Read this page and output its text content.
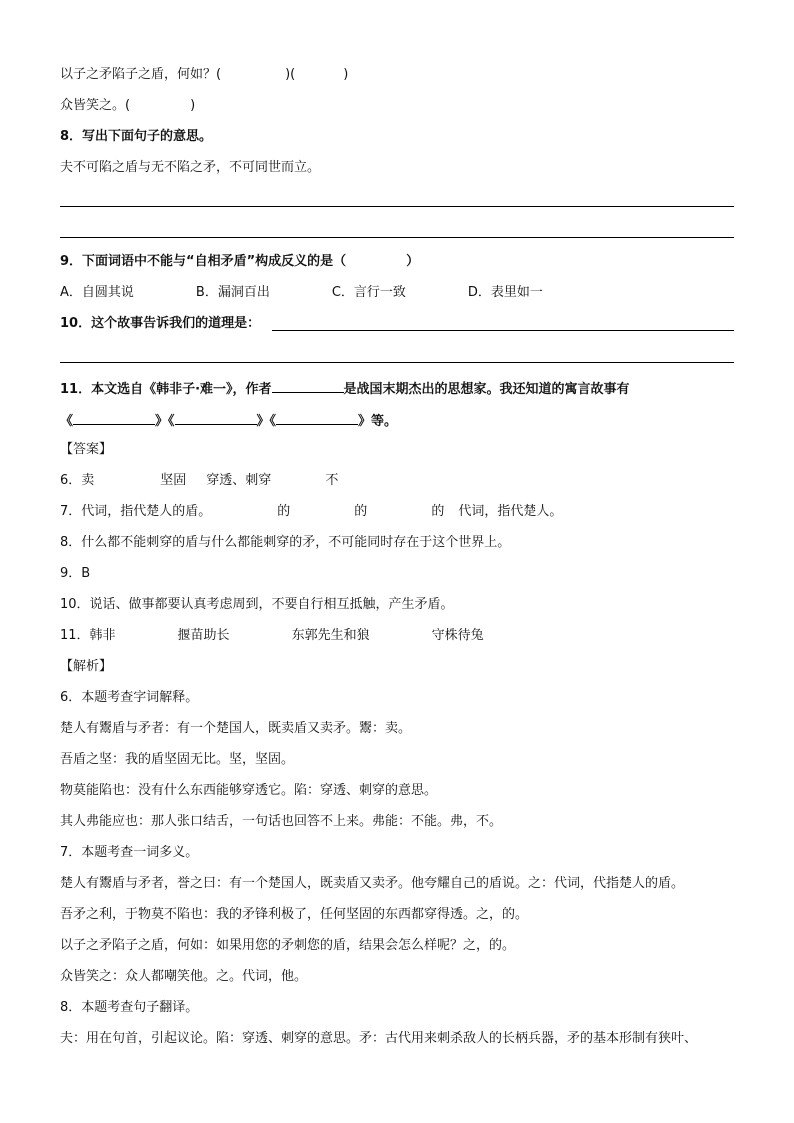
以子之矛陷子之盾，何如？(	)(	)
众皆笑之。(	)
8．写出下面句子的意思。
夫不可陷之盾与无不陷之矛，不可同世而立。
9．下面词语中不能与“自相矛盾”构成反义的是（	）
A．自圆其说	B．漏洞百出	C．言行一致	D．表里如一
10．这个故事告诉我们的道理是：
11．本文选自《韩非子·难一》，作者	是战国末期杰出的思想家。我还知道的寓言故事有
《	》《	》《	》等。
【答案】
6．卖	坚固 穿透、刺穿	不
7．代词，指代楚人的盾。	的	的	的 代词，指代楚人。
8．什么都不能刺穿的盾与什么都能刺穿的矛，不可能同时存在于这个世界上。
9．B
10．说话、做事都要认真考虑周到，不要自行相互抵触，产生矛盾。
11．韩非	揠苗助长	东郭先生和狼	守株待兔
【解析】
6．本题考查字词解释。
楚人有鬻盾与矛者：有一个楚国人，既卖盾又卖矛。鬻：卖。
吾盾之坚：我的盾坚固无比。坚，坚固。
物莫能陷也：没有什么东西能够穿透它。陷：穿透、刺穿的意思。
其人弗能应也：那人张口结舌，一句话也回答不上来。弗能：不能。弗，不。
7．本题考查一词多义。
楚人有鬻盾与矛者，誉之曰：有一个楚国人，既卖盾又卖矛。他夸耀自己的盾说。之：代词，代指楚人的盾。
吾矛之利，于物莫不陷也：我的矛锋利极了，任何坚固的东西都穿得透。之，的。
以子之矛陷子之盾，何如：如果用您的矛刺您的盾，结果会怎么样呢？之，的。
众皆笑之：众人都嘲笑他。之。代词，他。
8．本题考查句子翻译。
夫：用在句首，引起议论。陷：穿透、刺穿的意思。矛：古代用来刺杀敌人的长柄兵器，矛的基本形制有狭叶、
